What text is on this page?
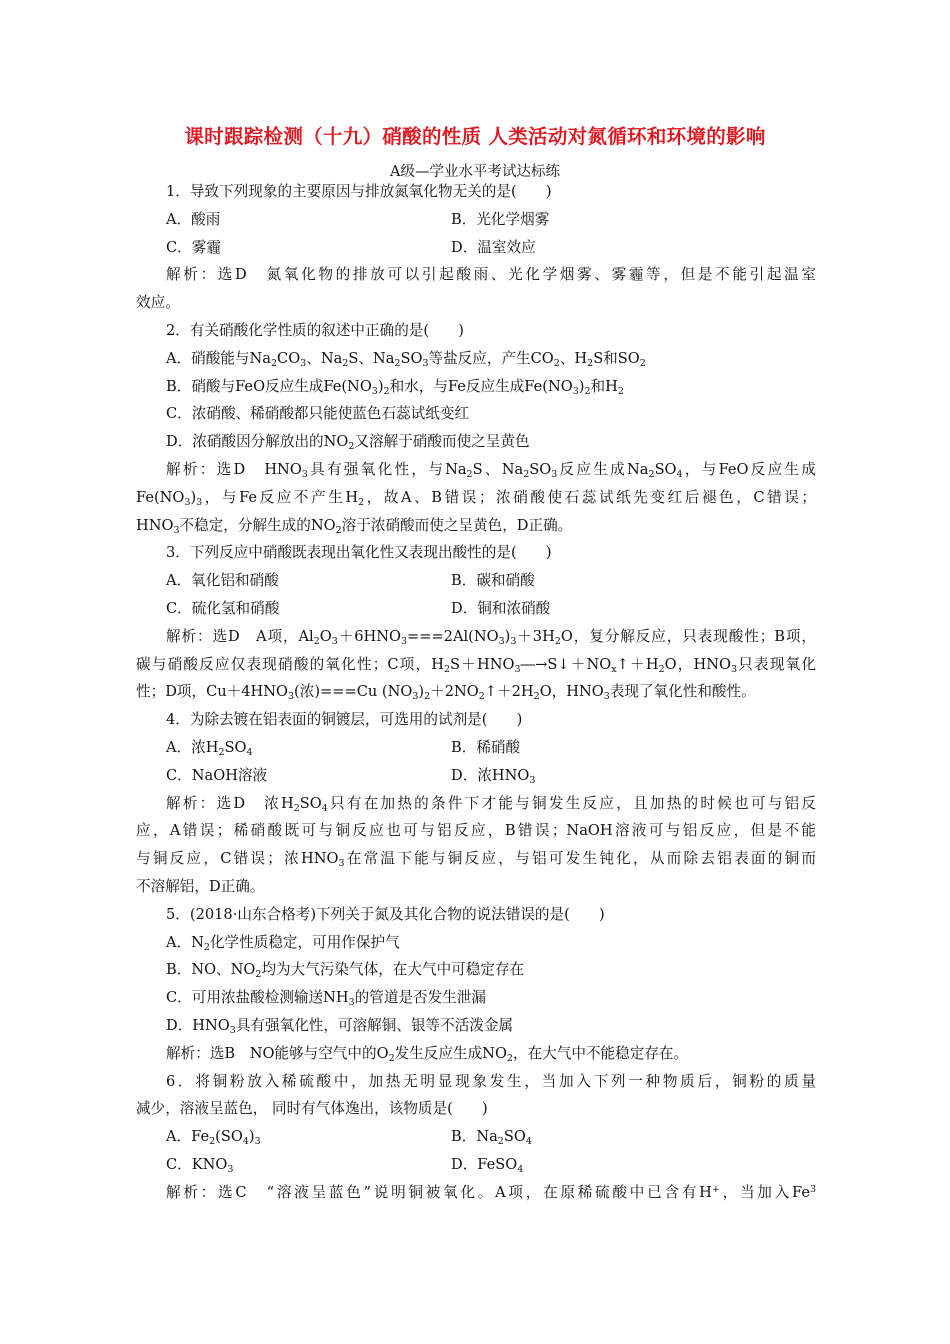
课时跟踪检测（十九）硝酸的性质 人类活动对氮循环和环境的影响
A级—学业水平考试达标练
1．导致下列现象的主要原因与排放氮氧化物无关的是(　　)
A．酸雨	B．光化学烟雾
C．雾霾	D．温室效应
解析：选D　氮氧化物的排放可以引起酸雨、光化学烟雾、雾霾等，但是不能引起温室
效应。
2．有关硝酸化学性质的叙述中正确的是(　　)
A．硝酸能与$Na_2CO_3$、$Na_2S$、$Na_2SO_3$等盐反应，产生$CO_2$、$H_2S$和$SO_2$
B．硝酸与FeO反应生成$Fe(NO_3)_2$和水，与Fe反应生成$Fe(NO_3)_2$和$H_2$
C．浓硝酸、稀硝酸都只能使蓝色石蕊试纸变红
D．浓硝酸因分解放出的$NO_2$又溶解于硝酸而使之呈黄色
解析：选D　$HNO_3$具有强氧化性，与$Na_2S$、$Na_2SO_3$反应生成$Na_2SO_4$，与FeO反应生成
$Fe(NO_3)_3$，与Fe反应不产生$H_2$，故A、B错误；浓硝酸使石蕊试纸先变红后褪色，C错误；
$HNO_3$不稳定，分解生成的$NO_2$溶于浓硝酸而使之呈黄色，D正确。
3．下列反应中硝酸既表现出氧化性又表现出酸性的是(　　)
A．氧化铝和硝酸	B．碳和硝酸
C．硫化氢和硝酸	D．铜和浓硝酸
解析：选D　A项，$Al_2O_3+6HNO_3===2Al(NO_3)_3+3H_2O$，复分解反应，只表现酸性；B项，
碳与硝酸反应仅表现硝酸的氧化性；C项，$H_2S+HNO_3―\to S↓+NO_x↑+H_2O$，$HNO_3$只表现氧化
性；D项，$Cu+4HNO_3$(浓)===Cu $(NO_3)_2+2NO_2↑+2H_2O$，$HNO_3$表现了氧化性和酸性。
4．为除去镀在铝表面的铜镀层，可选用的试剂是(　　)
A．浓$H_2SO_4$	B．稀硝酸
C．NaOH溶液	D．浓$HNO_3$
解析：选D　浓$H_2SO_4$只有在加热的条件下才能与铜发生反应，且加热的时候也可与铝反
应，A错误；稀硝酸既可与铜反应也可与铝反应，B错误；NaOH溶液可与铝反应，但是不能
与铜反应，C错误；浓$HNO_3$在常温下能与铜反应，与铝可发生钝化，从而除去铝表面的铜而
不溶解铝，D正确。
5．(2018·山东合格考)下列关于氮及其化合物的说法错误的是(　　)
A．$N_2$化学性质稳定，可用作保护气
B．NO、$NO_2$均为大气污染气体，在大气中可稳定存在
C．可用浓盐酸检测输送$NH_3$的管道是否发生泄漏
D．$HNO_3$具有强氧化性，可溶解铜、银等不活泼金属
解析：选B　NO能够与空气中的$O_2$发生反应生成$NO_2$，在大气中不能稳定存在。
6．将铜粉放入稀硫酸中，加热无明显现象发生，当加入下列一种物质后，铜粉的质量
减少，溶液呈蓝色， 同时有气体逸出，该物质是(　　)
A．$Fe_2(SO_4)_3$	B．$Na_2SO_4$
C．$KNO_3$	D．FeSO$_4$
解析：选C　“溶液呈蓝色”说明铜被氧化。A项，在原稀硫酸中已含有H+，当加入Fe$^3$
